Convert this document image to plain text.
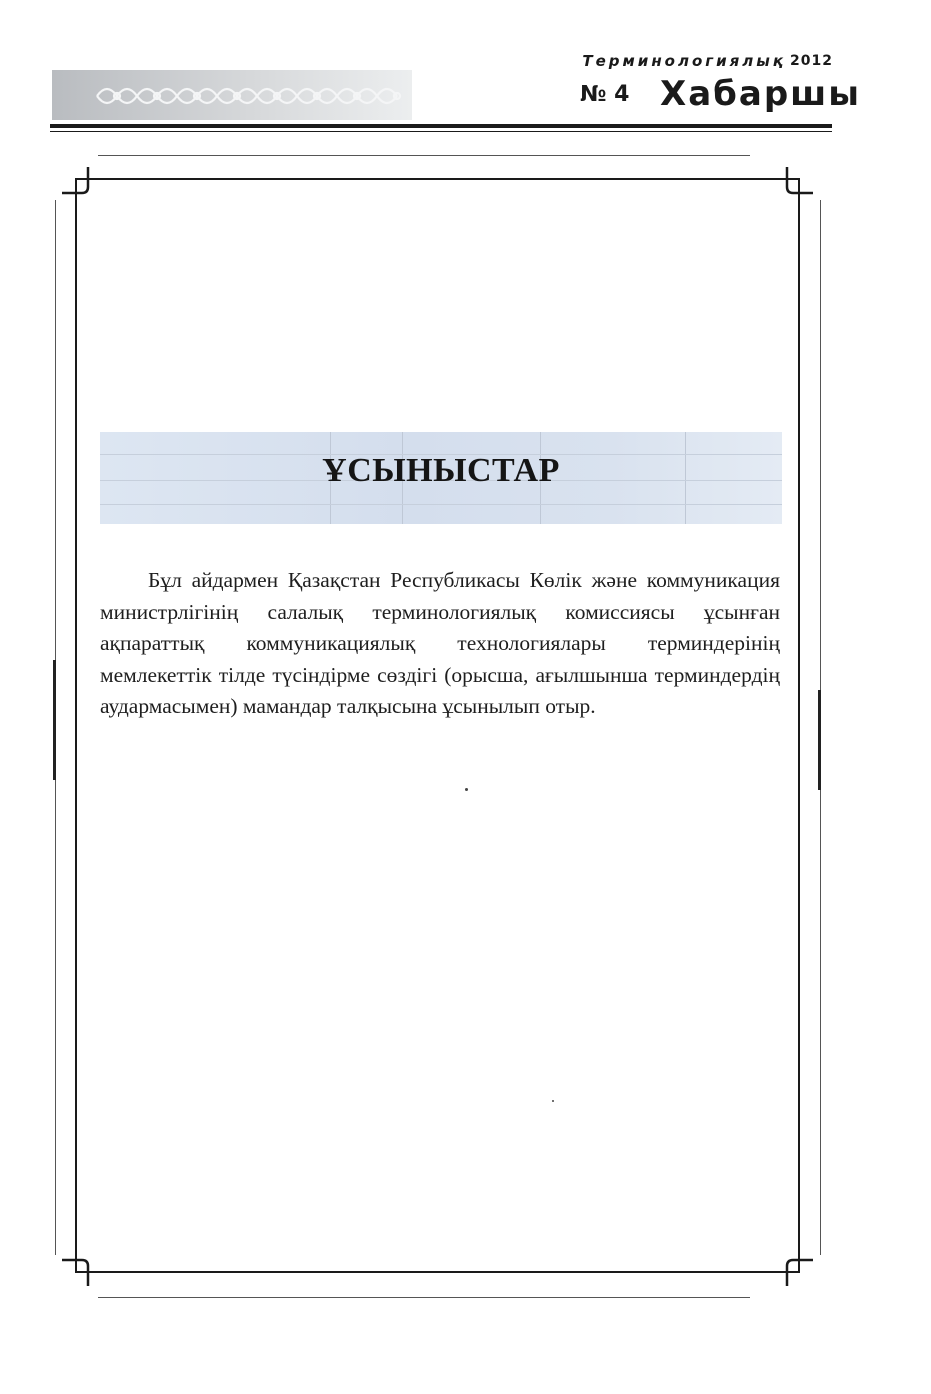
Терминологиялық 2012
№ 4 Хабаршы
ҰСЫНЫСТАР

Бұл айдармен Қазақстан Республикасы Көлік және коммуникация министрлігінің салалық терминологиялық комиссиясы ұсынған ақпараттық коммуникациялық технологиялары терминдерінің мемлекеттік тілде түсіндірме сөздігі (орысша, ағылшынша терминдердің аудармасымен) мамандар талқысына ұсынылып отыр.
